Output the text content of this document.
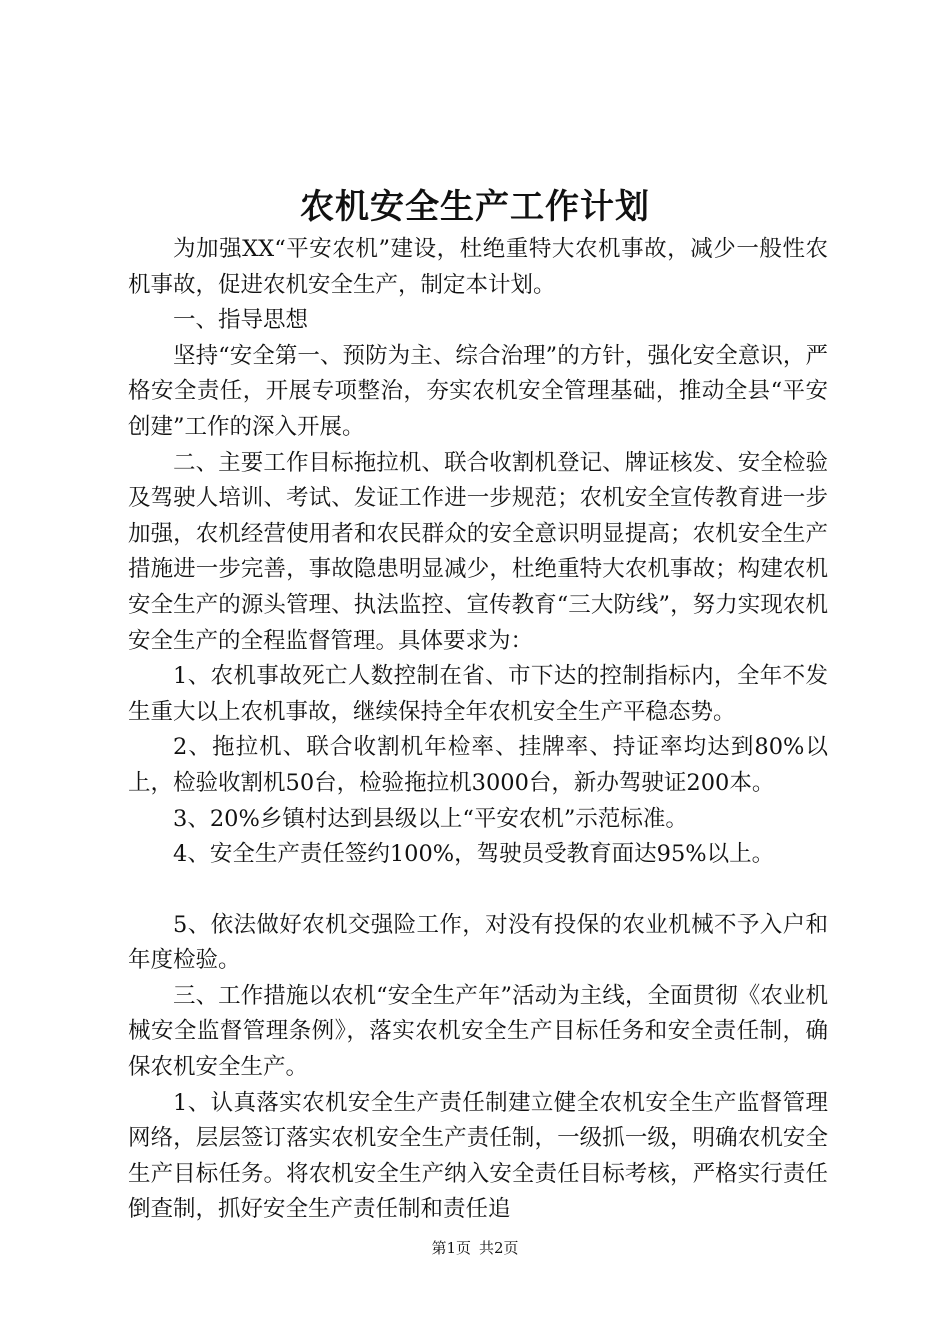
农机安全生产工作计划

为加强XX“平安农机”建设，杜绝重特大农机事故，减少一般性农机事故，促进农机安全生产，制定本计划。

一、指导思想

坚持“安全第一、预防为主、综合治理”的方针，强化安全意识，严格安全责任，开展专项整治，夯实农机安全管理基础，推动全县“平安创建”工作的深入开展。

二、主要工作目标拖拉机、联合收割机登记、牌证核发、安全检验及驾驶人培训、考试、发证工作进一步规范；农机安全宣传教育进一步加强，农机经营使用者和农民群众的安全意识明显提高；农机安全生产措施进一步完善，事故隐患明显减少，杜绝重特大农机事故；构建农机安全生产的源头管理、执法监控、宣传教育“三大防线”，努力实现农机安全生产的全程监督管理。具体要求为：

1、农机事故死亡人数控制在省、市下达的控制指标内，全年不发生重大以上农机事故，继续保持全年农机安全生产平稳态势。

2、拖拉机、联合收割机年检率、挂牌率、持证率均达到80%以上，检验收割机50台，检验拖拉机3000台，新办驾驶证200本。

3、20%乡镇村达到县级以上“平安农机”示范标准。

4、安全生产责任签约100%，驾驶员受教育面达95%以上。

5、依法做好农机交强险工作，对没有投保的农业机械不予入户和年度检验。

三、工作措施以农机“安全生产年”活动为主线，全面贯彻《农业机械安全监督管理条例》，落实农机安全生产目标任务和安全责任制，确保农机安全生产。

1、认真落实农机安全生产责任制建立健全农机安全生产监督管理网络，层层签订落实农机安全生产责任制，一级抓一级，明确农机安全生产目标任务。将农机安全生产纳入安全责任目标考核，严格实行责任倒查制，抓好安全生产责任制和责任追

第1页 共2页
